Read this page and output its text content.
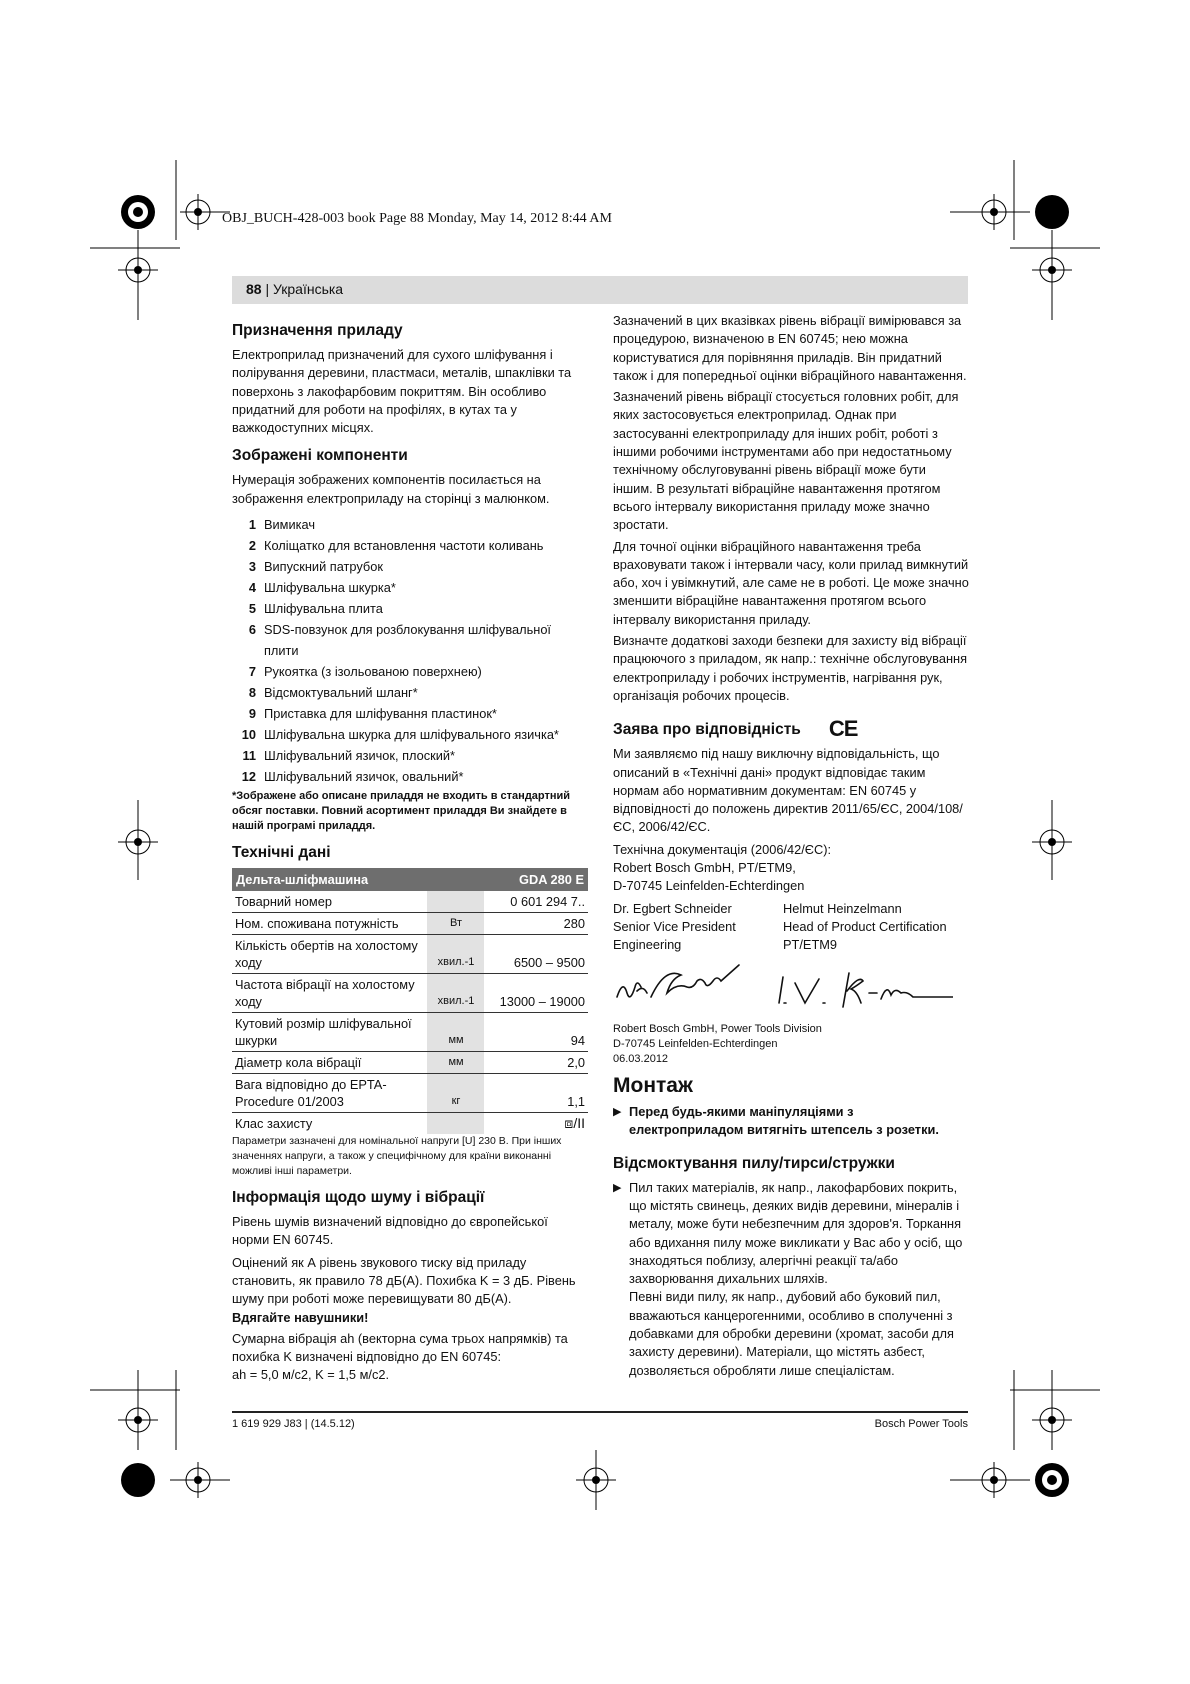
OBJ_BUCH-428-003 book Page 88 Monday, May 14, 2012 8:44 AM
88 | Українська
Призначення приладу

Електроприлад призначений для сухого шліфування і полірування деревини, пластмаси, металів, шпаклівки та поверхонь з лакофарбовим покриттям. Він особливо придатний для роботи на профілях, в кутах та у важкодоступних місцях.

Зображені компоненти

Нумерація зображених компонентів посилається на зображення електроприладу на сторінці з малюнком.

1 Вимикач
2 Коліщатко для встановлення частоти коливань
3 Випускний патрубок
4 Шліфувальна шкурка*
5 Шліфувальна плита
6 SDS-повзунок для розблокування шліфувальної плити
7 Рукоятка (з ізольованою поверхнею)
8 Відсмоктувальний шланг*
9 Приставка для шліфування пластинок*
10 Шліфувальна шкурка для шліфувального язичка*
11 Шліфувальний язичок, плоский*
12 Шліфувальний язичок, овальний*

*Зображене або описане приладдя не входить в стандартний обсяг поставки. Повний асортимент приладдя Ви знайдете в нашій програмі приладдя.

Технічні дані
Дельта-шліфмашина		GDA 280 E
Товарний номер		0 601 294 7..
Ном. споживана потужність	Вт	280
Кількість обертів на холостому ходу	хвил.-1	6500 – 9500
Частота вібрації на холостому ходу	хвил.-1	13000 – 19000
Кутовий розмір шліфувальної шкурки	мм	94
Діаметр кола вібрації	мм	2,0
Вага відповідно до EPTA-Procedure 01/2003	кг	1,1
Клас захисту		⧈/II

Параметри зазначені для номінальної напруги [U] 230 В. При інших значеннях напруги, а також у специфічному для країни виконанні можливі інші параметри.

Інформація щодо шуму і вібрації

Рівень шумів визначений відповідно до європейської норми EN 60745.

Оцінений як А рівень звукового тиску від приладу становить, як правило 78 дБ(А). Похибка K = 3 дБ. Рівень шуму при роботі може перевищувати 80 дБ(А).

Вдягайте навушники!

Сумарна вібрація ah (векторна сума трьох напрямків) та похибка K визначені відповідно до EN 60745:

ah = 5,0 м/с2, K = 1,5 м/с2.

Зазначений в цих вказівках рівень вібрації вимірювався за процедурою, визначеною в EN 60745; нею можна користуватися для порівняння приладів. Він придатний також і для попередньої оцінки вібраційного навантаження.

Зазначений рівень вібрації стосується головних робіт, для яких застосовується електроприлад. Однак при застосуванні електроприладу для інших робіт, роботі з іншими робочими інструментами або при недостатньому технічному обслуговуванні рівень вібрації може бути іншим. В результаті вібраційне навантаження протягом всього інтервалу використання приладу може значно зростати.

Для точної оцінки вібраційного навантаження треба враховувати також і інтервали часу, коли прилад вимкнутий або, хоч і увімкнутий, але саме не в роботі. Це може значно зменшити вібраційне навантаження протягом всього інтервалу використання приладу.

Визначте додаткові заходи безпеки для захисту від вібрації працюючого з приладом, як напр.: технічне обслуговування електроприладу і робочих інструментів, нагрівання рук, організація робочих процесів.

Заява про відповідність CE

Ми заявляємо під нашу виключну відповідальність, що описаний в «Технічні дані» продукт відповідає таким нормам або нормативним документам: EN 60745 у відповідності до положень директив 2011/65/ЄС, 2004/108/ЄС, 2006/42/ЄС.

Технічна документація (2006/42/ЄС):

Robert Bosch GmbH, PT/ETM9,

D-70745 Leinfelden-Echterdingen

Dr. Egbert Schneider
Senior Vice President
Engineering
Helmut Heinzelmann
Head of Product Certification
PT/ETM9
Robert Bosch GmbH, Power Tools Division
D-70745 Leinfelden-Echterdingen
06.03.2012
Монтаж
▶ Перед будь-якими маніпуляціями з електроприладом витягніть штепсель з розетки.
Відсмоктування пилу/тирси/стружки
▶ Пил таких матеріалів, як напр., лакофарбових покрить, що містять свинець, деяких видів деревини, мінералів і металу, може бути небезпечним для здоров'я. Торкання або вдихання пилу може викликати у Вас або у осіб, що знаходяться поблизу, алергічні реакції та/або захворювання дихальних шляхів.
Певні види пилу, як напр., дубовий або буковий пил, вважаються канцерогенними, особливо в сполученні з добавками для обробки деревини (хромат, засоби для захисту деревини). Матеріали, що містять азбест, дозволяється обробляти лише спеціалістам.
1 619 929 J83 | (14.5.12)	Bosch Power Tools
